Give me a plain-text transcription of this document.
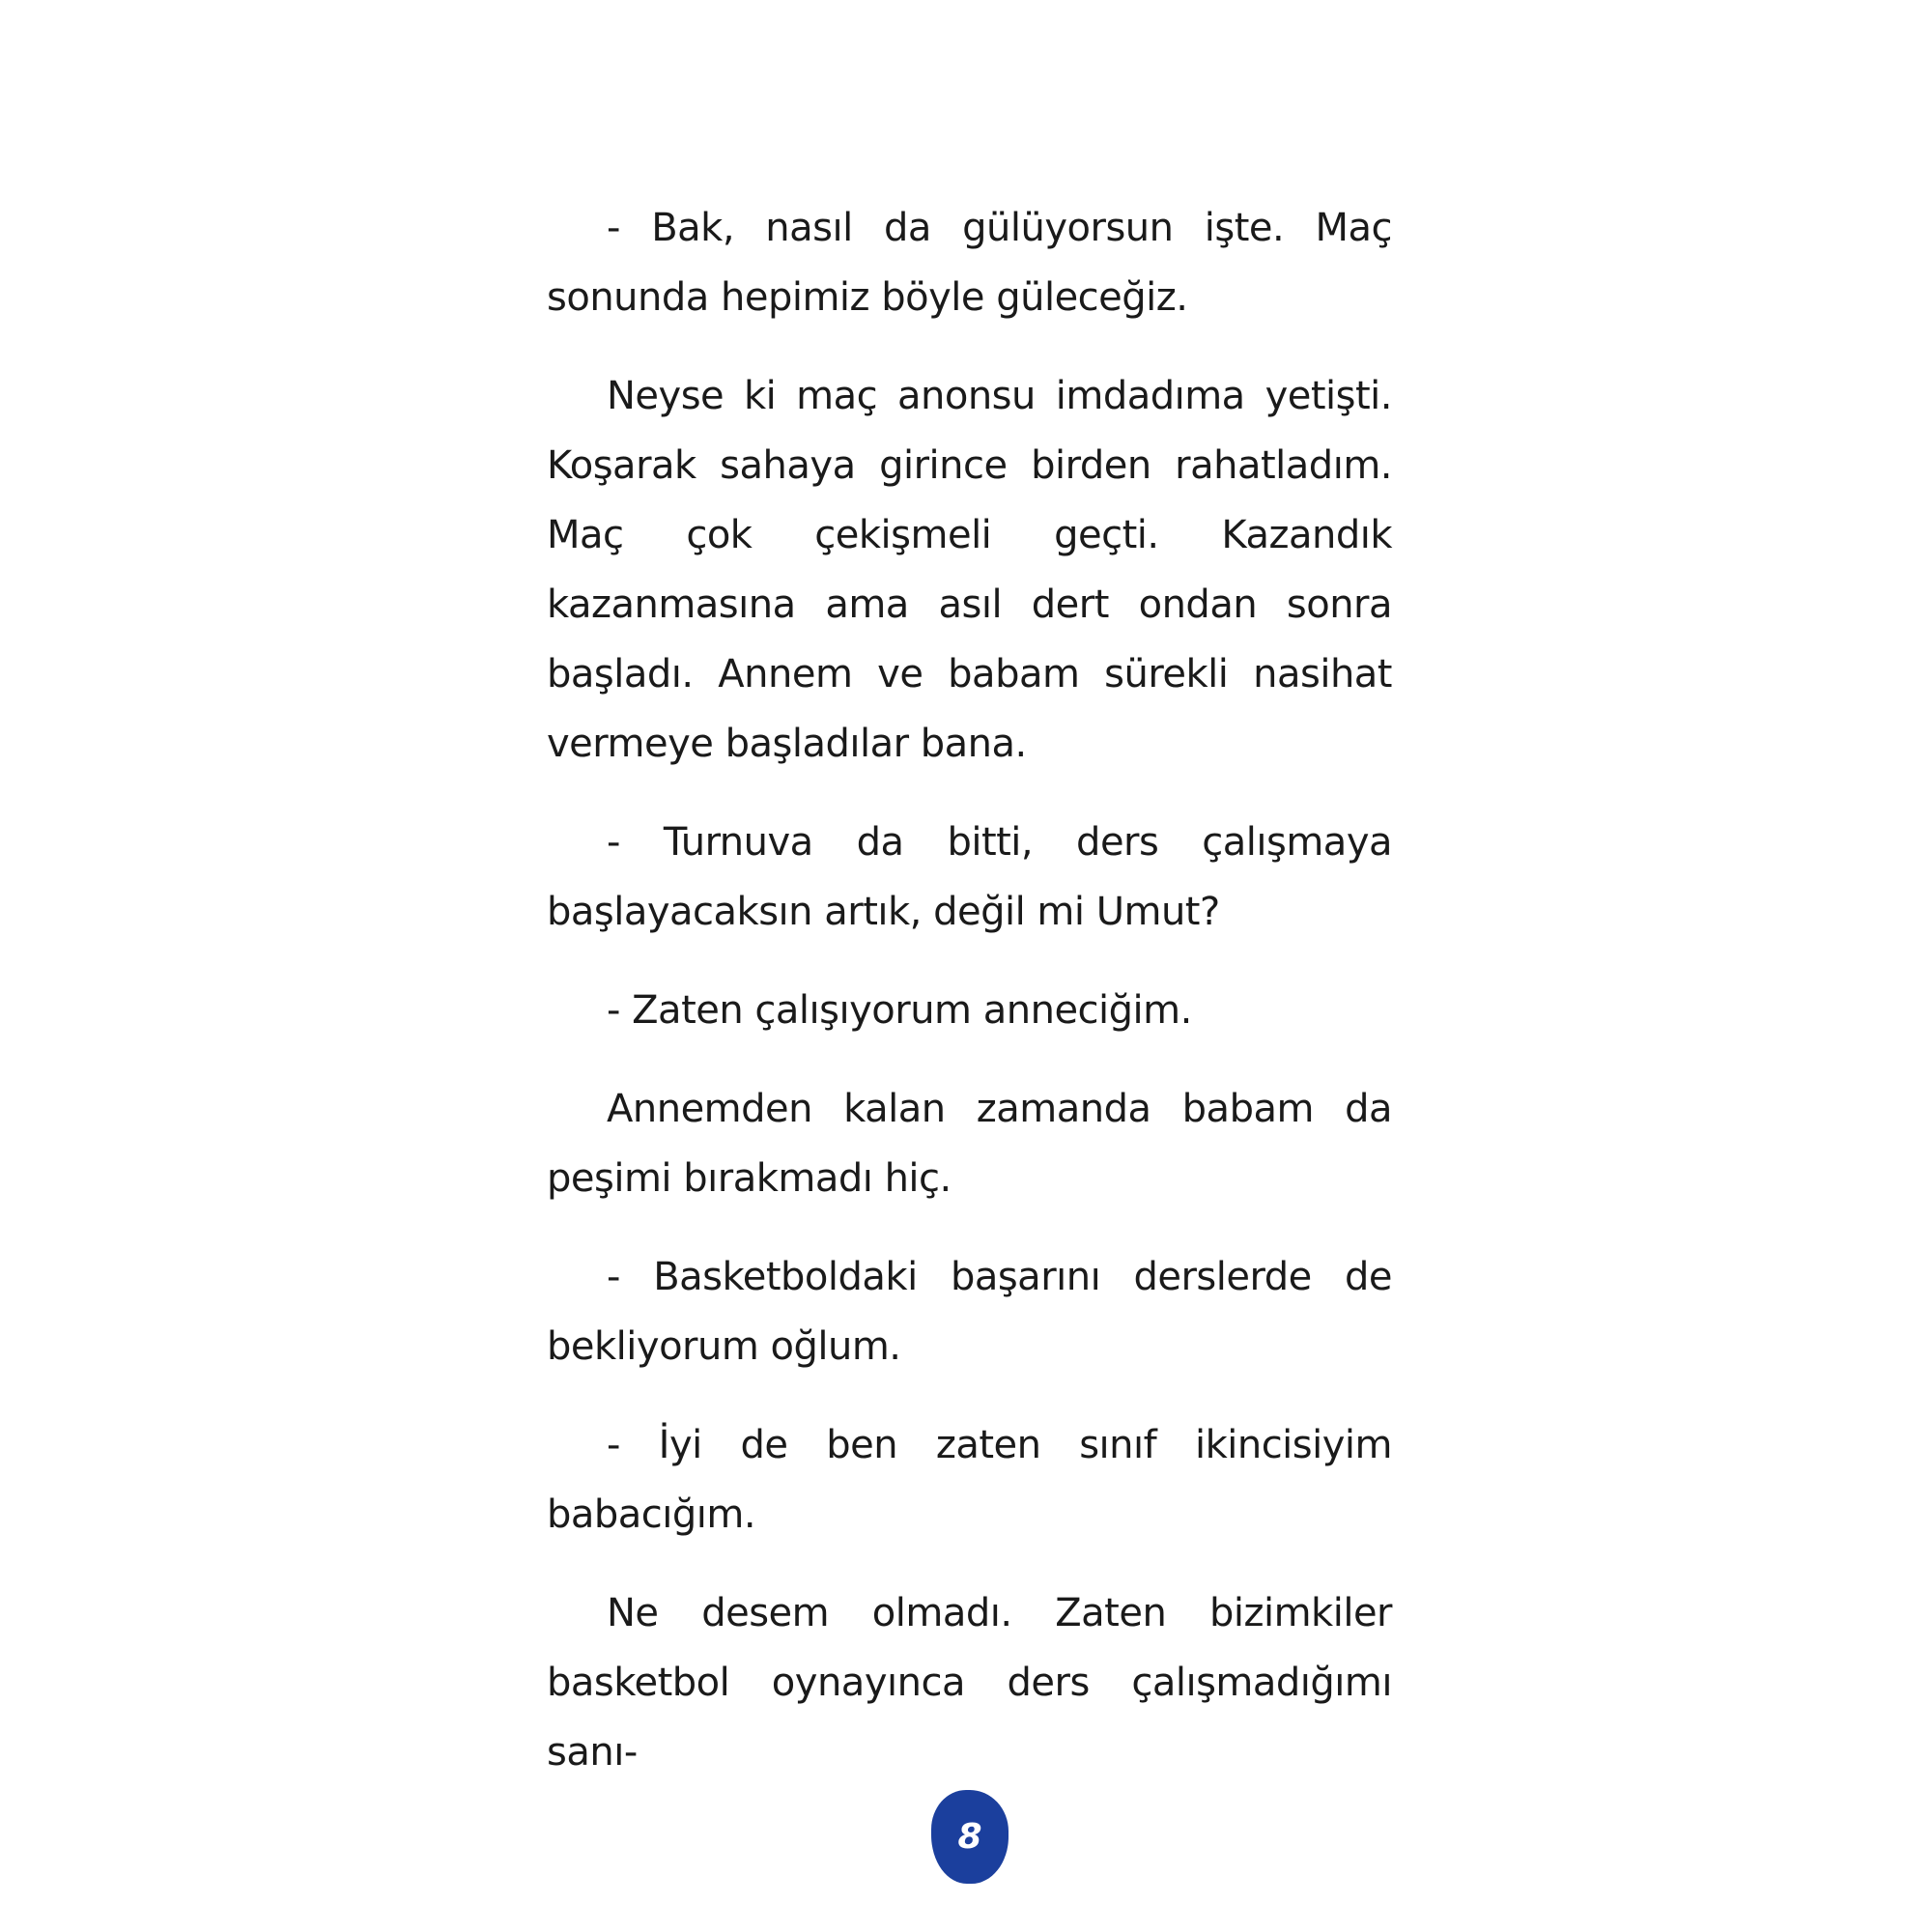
- Bak, nasıl da gülüyorsun işte. Maç sonunda hepimiz böyle güleceğiz.

Neyse ki maç anonsu imdadıma yetişti. Koşarak sahaya girince birden rahatladım. Maç çok çekişmeli geçti. Kazandık kazanmasına ama asıl dert ondan sonra başladı. Annem ve babam sürekli nasihat vermeye başladılar bana.

- Turnuva da bitti, ders çalışmaya başlayacaksın artık, değil mi Umut?

- Zaten çalışıyorum anneciğim.

Annemden kalan zamanda babam da peşimi bırakmadı hiç.

- Basketboldaki başarını derslerde de bekliyorum oğlum.

- İyi de ben zaten sınıf ikincisiyim babacığım.

Ne desem olmadı. Zaten bizimkiler basketbol oynayınca ders çalışmadığımı sanı-

8
